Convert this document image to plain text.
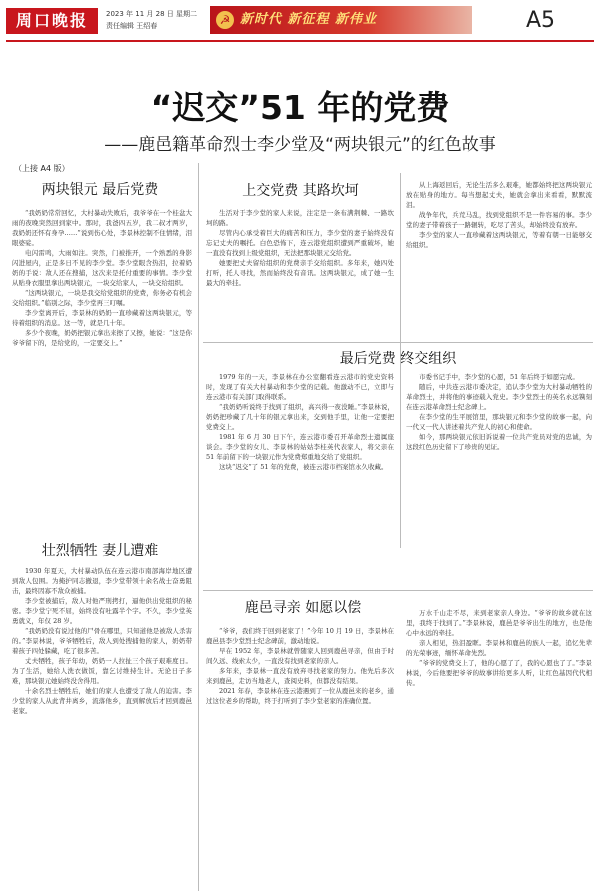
周口晚报	2023 年 11 月 28 日 星期二
责任编辑 王绍春	☭ 新时代 新征程 新伟业	A5
“迟交”51 年的党费
——鹿邑籍革命烈士李少堂及“两块银元”的红色故事
（上接 A4 版）
两块银元 最后党费

“我奶奶常常回忆，大村暴动失败后，我爷爷在一个桂盆大雨的夜晚突然回到家中。那时，我爸四五岁，我二叔才两岁，我奶奶还怀有身孕……”说到伤心处，李景林控制不住情绪，泪眼婆娑。

电闪雷鸣，大雨如注。突然，门被推开，一个熟悉的身影闪进屋内，正是多日不见的李少堂。李少堂眼含热泪，拉着奶奶的手说：敌人还在搜捕，这次来是托付重要的事情。李少堂从贴身衣服里拿出两块银元，一块交给家人，一块交给组织。

“这两块银元，一块是我交给党组织的党费，你务必有机会交给组织。”临别之际，李少堂再三叮嘱。

李少堂离开后，李景林的奶奶一直珍藏着这两块银元，等待着组织的消息。这一等，就是几十年。

多少个夜晚，奶奶把银元拿出来擦了又擦，她说：“这是你爷爷留下的，是给党的，一定要交上。”

壮烈牺牲 妻儿遭难

1930 年夏天，大村暴动队伍在连云港市南部海岸地区遭到敌人包围。为掩护同志撤退，李少堂带领十余名战士奋勇阻击，最终因寡不敌众被捕。

李少堂被捕后，敌人对他严刑拷打，逼他供出党组织的秘密。李少堂宁死不屈，始终没有吐露半个字。不久，李少堂英勇就义，年仅 28 岁。

“我奶奶没有说过他的尸骨在哪里，只知道他是被敌人杀害的。”李景林说，爷爷牺牲后，敌人到处搜捕他的家人，奶奶带着孩子四处躲藏，吃了很多苦。

丈夫牺牲，孩子年幼，奶奶一人拉扯三个孩子艰难度日。为了生活，她给人洗衣做饭，靠乞讨维持生计。无论日子多难，那块银元她始终没舍得用。

十余名烈士牺牲后，她们的家人也遭受了敌人的迫害。李少堂的家人从此背井离乡，流落他乡，直到解放后才回到鹿邑老家。

上交党费 其路坎坷

生活对于李少堂的家人来说，注定是一条布满荆棘、一路坎坷的路。

尽管内心承受着巨大的痛苦和压力，李少堂的妻子始终没有忘记丈夫的嘱托。白色恐怖下，连云港党组织遭到严重破坏，她一直没有找到上级党组织，无法把那块银元交给党。

她要把丈夫留给组织的党费亲手交给组织。多年来，她四处打听，托人寻找，然而始终没有音讯。这两块银元，成了她一生最大的牵挂。

从上海返回后，无论生活多么艰难，她都始终把这两块银元放在贴身的地方。每当想起丈夫，她就会拿出来看看，默默流泪。

战争年代，兵荒马乱，找到党组织不是一件容易的事。李少堂的妻子带着孩子一路辗转，吃尽了苦头，却始终没有放弃。

李少堂的家人一直珍藏着这两块银元，等着有朝一日能够交给组织。

最后党费 终交组织

1979 年的一天，李景林在办公室翻看连云港市的党史资料时，发现了有关大村暴动和李少堂的记载。他激动不已，立即与连云港市有关部门取得联系。

“我奶奶听说终于找到了组织，高兴得一夜没睡。”李景林说，奶奶把珍藏了几十年的银元拿出来，交到他手里，让他一定要把党费交上。

1981 年 6 月 30 日下午，连云港市委召开革命烈士遗属座谈会。李少堂的女儿、李景林的姑姑李桂英代表家人，将父亲在 51 年前留下的一块银元作为党费郑重地交给了党组织。

这块“迟交”了 51 年的党费，被连云港市档案馆永久收藏。

市委书记手中，李少堂的心愿，51 年后终于如愿完成。

随后，中共连云港市委决定，追认李少堂为大村暴动牺牲的革命烈士，并将他的事迹载入党史。李少堂烈士的英名永远镌刻在连云港革命烈士纪念碑上。

在李少堂的生平展馆里，那块银元和李少堂的故事一起，向一代又一代人讲述着共产党人的初心和使命。

如今，那两块银元依旧诉说着一位共产党员对党的忠诚，为这段红色历史留下了珍贵的见证。

鹿邑寻亲 如愿以偿

“爷爷，我们终于回到老家了！”今年 10 月 19 日，李景林在鹿邑县李少堂烈士纪念碑前，激动地说。

早在 1952 年，李景林就曾随家人回到鹿邑寻亲，但由于时间久远、线索太少，一直没有找到老家的亲人。

多年来，李景林一直没有放弃寻找老家的努力。他先后多次来到鹿邑，走访当地老人，查阅史料，但都没有结果。

2021 年春，李景林在连云港遇到了一位从鹿邑来的老乡，通过这位老乡的帮助，终于打听到了李少堂老家的准确位置。

万水千山走不尽，来到老家亲人身边。“爷爷的故乡就在这里，我终于找到了。”李景林说，鹿邑是爷爷出生的地方，也是他心中永远的牵挂。

亲人相见，热泪盈眶。李景林和鹿邑的族人一起，追忆先辈的光荣事迹，缅怀革命先烈。

“爷爷的党费交上了，他的心愿了了，我的心愿也了了。”李景林说，今后他要把爷爷的故事讲给更多人听，让红色基因代代相传。
